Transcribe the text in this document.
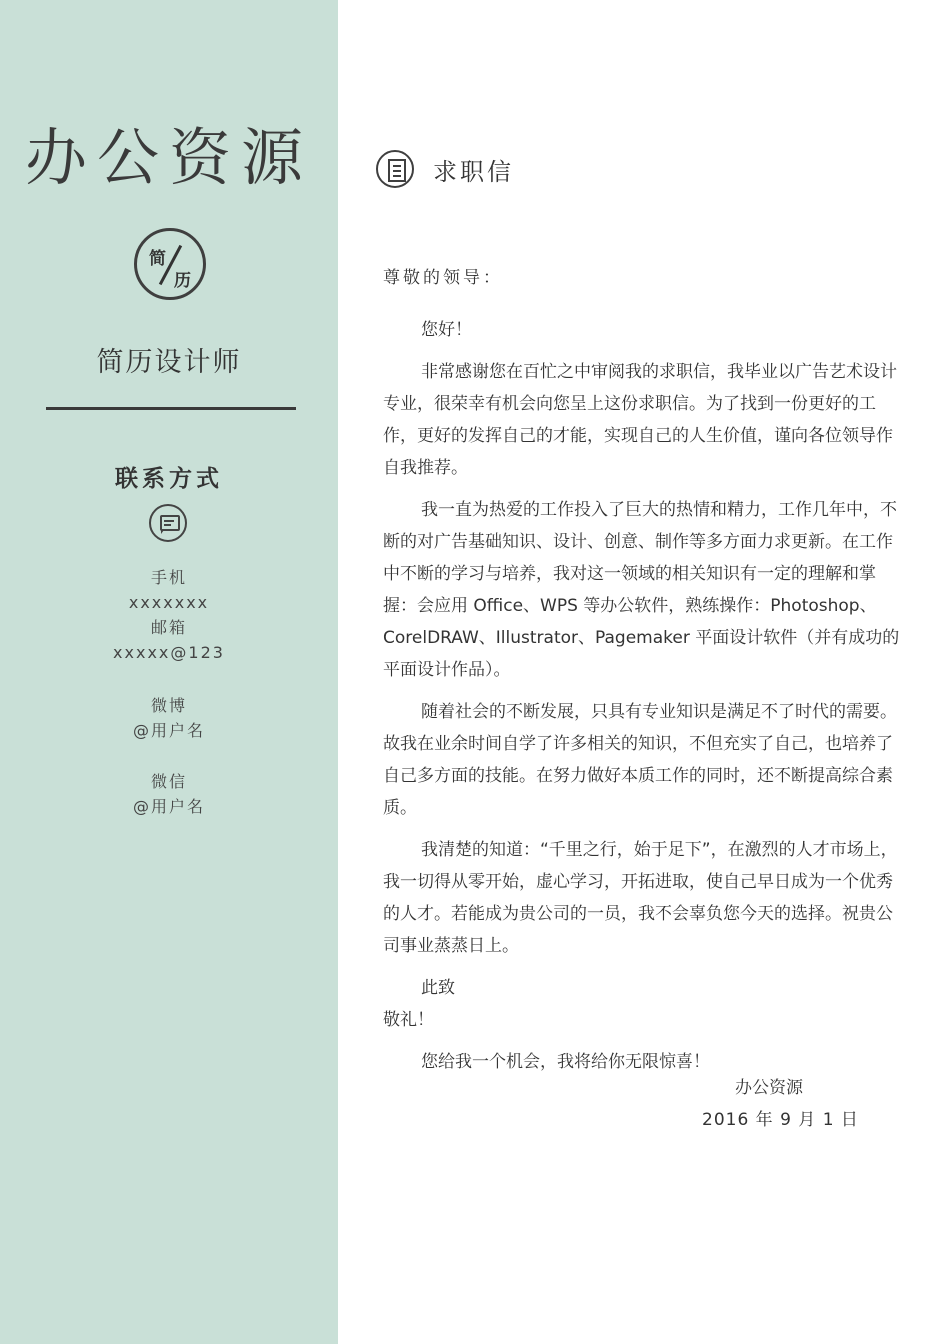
办公资源
简
历
简历设计师
联系方式
手机
xxxxxxx
邮箱
xxxxx@123
微博
@用户名
微信
@用户名
求职信
尊敬的领导：

您好！

非常感谢您在百忙之中审阅我的求职信，我毕业以广告艺术设计专业，很荣幸有机会向您呈上这份求职信。为了找到一份更好的工作，更好的发挥自己的才能，实现自己的人生价值，谨向各位领导作自我推荐。

我一直为热爱的工作投入了巨大的热情和精力，工作几年中，不断的对广告基础知识、设计、创意、制作等多方面力求更新。在工作中不断的学习与培养，我对这一领域的相关知识有一定的理解和掌握：会应用 Office、WPS 等办公软件，熟练操作：Photoshop、CorelDRAW、Illustrator、Pagemaker 平面设计软件（并有成功的平面设计作品）。

随着社会的不断发展，只具有专业知识是满足不了时代的需要。故我在业余时间自学了许多相关的知识，不但充实了自己，也培养了自己多方面的技能。在努力做好本质工作的同时，还不断提高综合素质。

我清楚的知道：“千里之行，始于足下”，在激烈的人才市场上，我一切得从零开始，虚心学习，开拓进取，使自己早日成为一个优秀的人才。若能成为贵公司的一员，我不会辜负您今天的选择。祝贵公司事业蒸蒸日上。

此致
敬礼！

您给我一个机会，我将给你无限惊喜！

办公资源
2016 年 9 月 1 日
